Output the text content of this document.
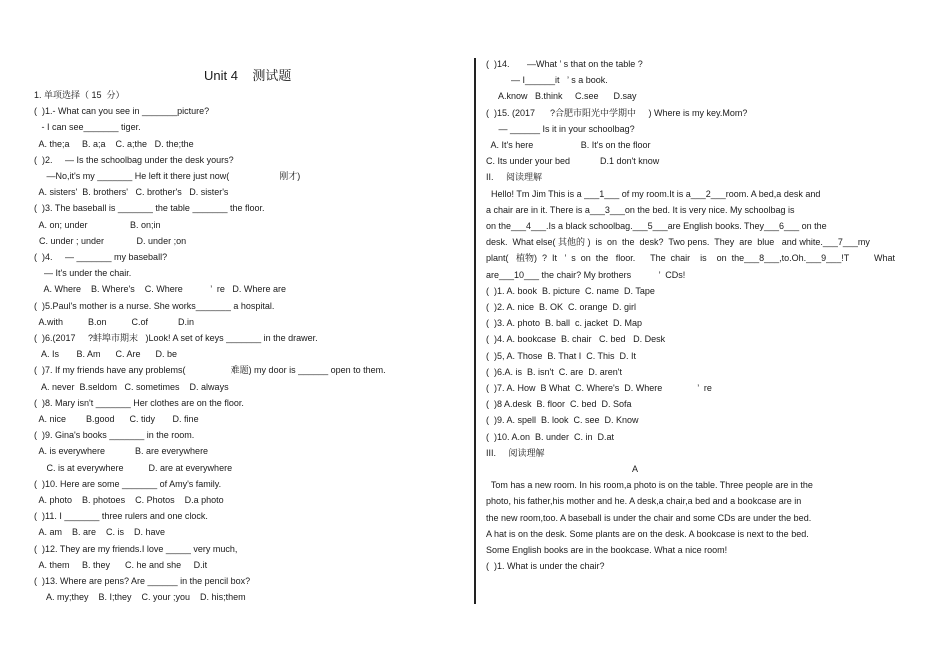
Unit 4    测试题
1. 单项选择（ 15  分）
(  )1.- What can you see in _______picture?
- I can see_______ tiger.
A. the;a     B. a;a    C. a;the   D. the;the
(  )2.     — Is the schoolbag under the desk yours?
—No,it's my _______ He left it there just now(                    刚才)
A. sisters'  B. brothers'   C. brother's   D. sister's
(  )3. The baseball is _______ the table _______ the floor.
A. on; under                 B. on;in
C. under ; under             D. under ;on
(  )4.     — _______ my baseball?
— It's under the chair.
A. Where    B. Where's    C. Where           ’  re   D. Where are
(  )5.Paul's mother is a nurse. She works_______ a hospital.
A.with          B.on          C.of            D.in
(  )6.(2017     ?蚌埠市期末   )Look! A set of keys _______ in the drawer.
A. Is       B. Am      C. Are      D. be
(  )7. If my friends have any problems(                  难题) my door is ______ open to them.
A. never  B.seldom   C. sometimes    D. always
(  )8. Mary isn't _______ Her clothes are on the floor.
A. nice        B.good      C. tidy       D. fine
(  )9. Gina's books _______ in the room.
A. is everywhere            B. are everywhere
C. is at everywhere          D. are at everywhere
(  )10. Here are some _______ of Amy's family.
A. photo    B. photoes    C. Photos    D.a photo
(  )11. I _______ three rulers and one clock.
A. am    B. are    C. is    D. have
(  )12. They are my friends.I love _____ very much,
A. them     B. they      C. he and she     D.it
(  )13. Where are pens? Are ______ in the pencil box?
A. my;they    B. I;they    C. your ;you    D. his;them
(  )14.       —What ’ s that on the table ?
— I______it   ’ s a book.
A.know   B.think     C.see      D.say
(  )15. (2017      ?合肥市阳光中学期中     ) Where is my key.Mom?
— ______ Is it in your schoolbag?
A. It's here                   B. It's on the floor
C. Its under your bed            D.1 don't know
II.     阅读理解
Hello! Tm Jim This is a ___1___ of my room.It is a___2___room. A bed,a desk and
a chair are in it. There is a___3___on the bed. It is very nice. My schoolbag is
on the___4___.Is a black schoolbag.___5___are English books. They___6___ on the
desk.  What else( 其他的 )  is  on  the  desk?  Two pens.  They  are  blue   and white.___7___my
plant(   植物)  ?  It   ’  s  on  the   floor.      The  chair    is    on  the___8___,to.Oh.___9___!T          What
are___10___ the chair? My brothers           ’  CDs!
(  )1. A. book  B. picture  C. name  D. Tape
(  )2. A. nice  B. OK  C. orange  D. girl
(  )3. A. photo  B. ball  c. jacket  D. Map
(  )4. A. bookcase  B. chair   C. bed   D. Desk
(  )5, A. Those  B. That I  C. This  D. It
(  )6.A. is  B. isn't  C. are  D. aren't
(  )7. A. How  B What  C. Where's  D. Where              ’  re
(  )8 A.desk  B. floor  C. bed  D. Sofa
(  )9. A. spell  B. look  C. see  D. Know
(  )10. A.on  B. under  C. in  D.at
III.     阅读理解
A
Tom has a new room. In his room,a photo is on the table. Three people are in the
photo, his father,his mother and he. A desk,a chair,a bed and a bookcase are in
the new room,too. A baseball is under the chair and some CDs are under the bed.
A hat is on the desk. Some plants are on the desk. A bookcase is next to the bed.
Some English books are in the bookcase. What a nice room!
(  )1. What is under the chair?
